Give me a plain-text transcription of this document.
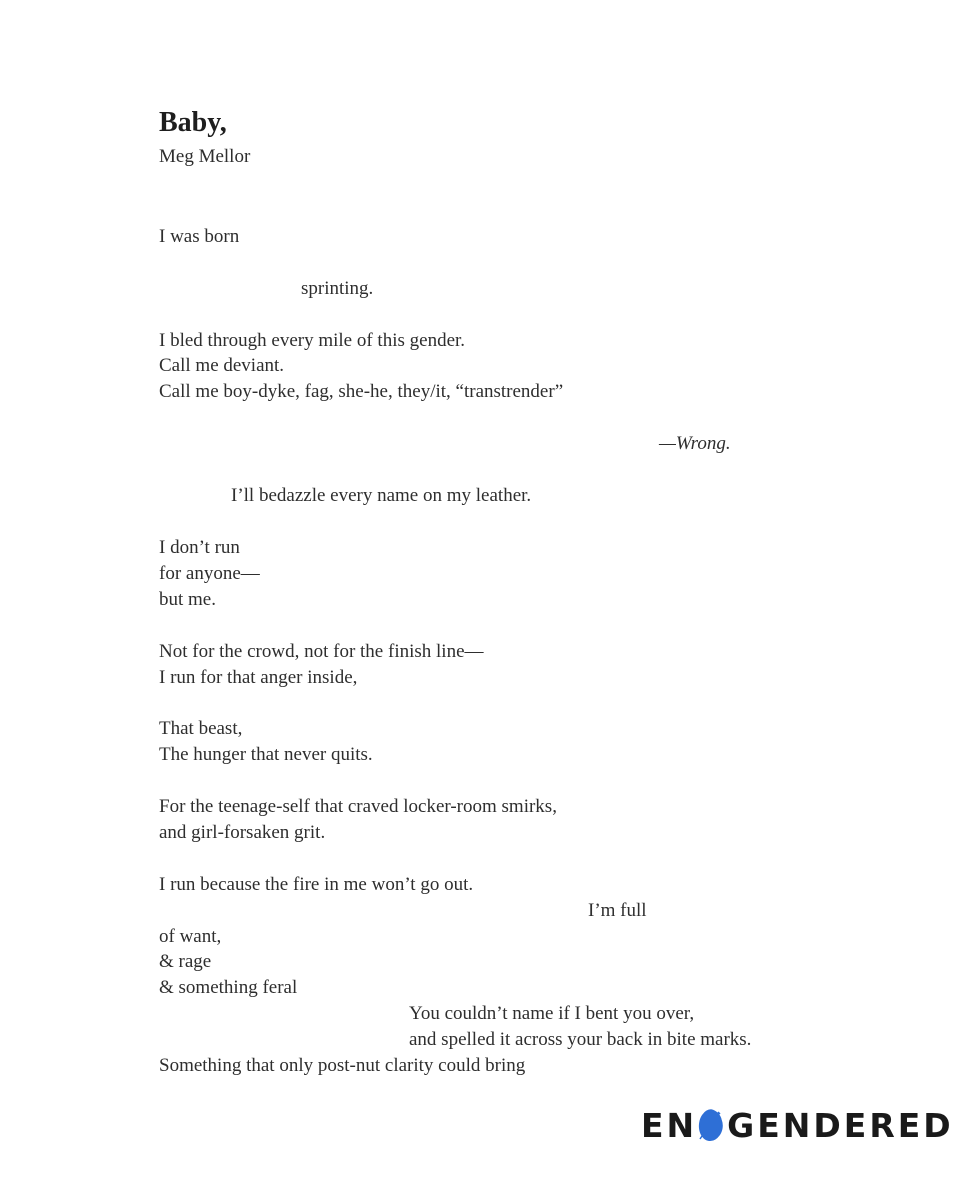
Baby,
Meg Mellor
I was born
sprinting.
I bled through every mile of this gender.
Call me deviant.
Call me boy-dyke, fag, she-he, they/it, “transtrender”
—Wrong.
I’ll bedazzle every name on my leather.
I don’t run
for anyone—
but me.
Not for the crowd, not for the finish line—
I run for that anger inside,
That beast,
The hunger that never quits.
For the teenage-self that craved locker-room smirks,
and girl-forsaken grit.
I run because the fire in me won’t go out.
I’m full
of want,
& rage
& something feral
You couldn’t name if I bent you over,
and spelled it across your back in bite marks.
Something that only post-nut clarity could bring
EN GENDERED
